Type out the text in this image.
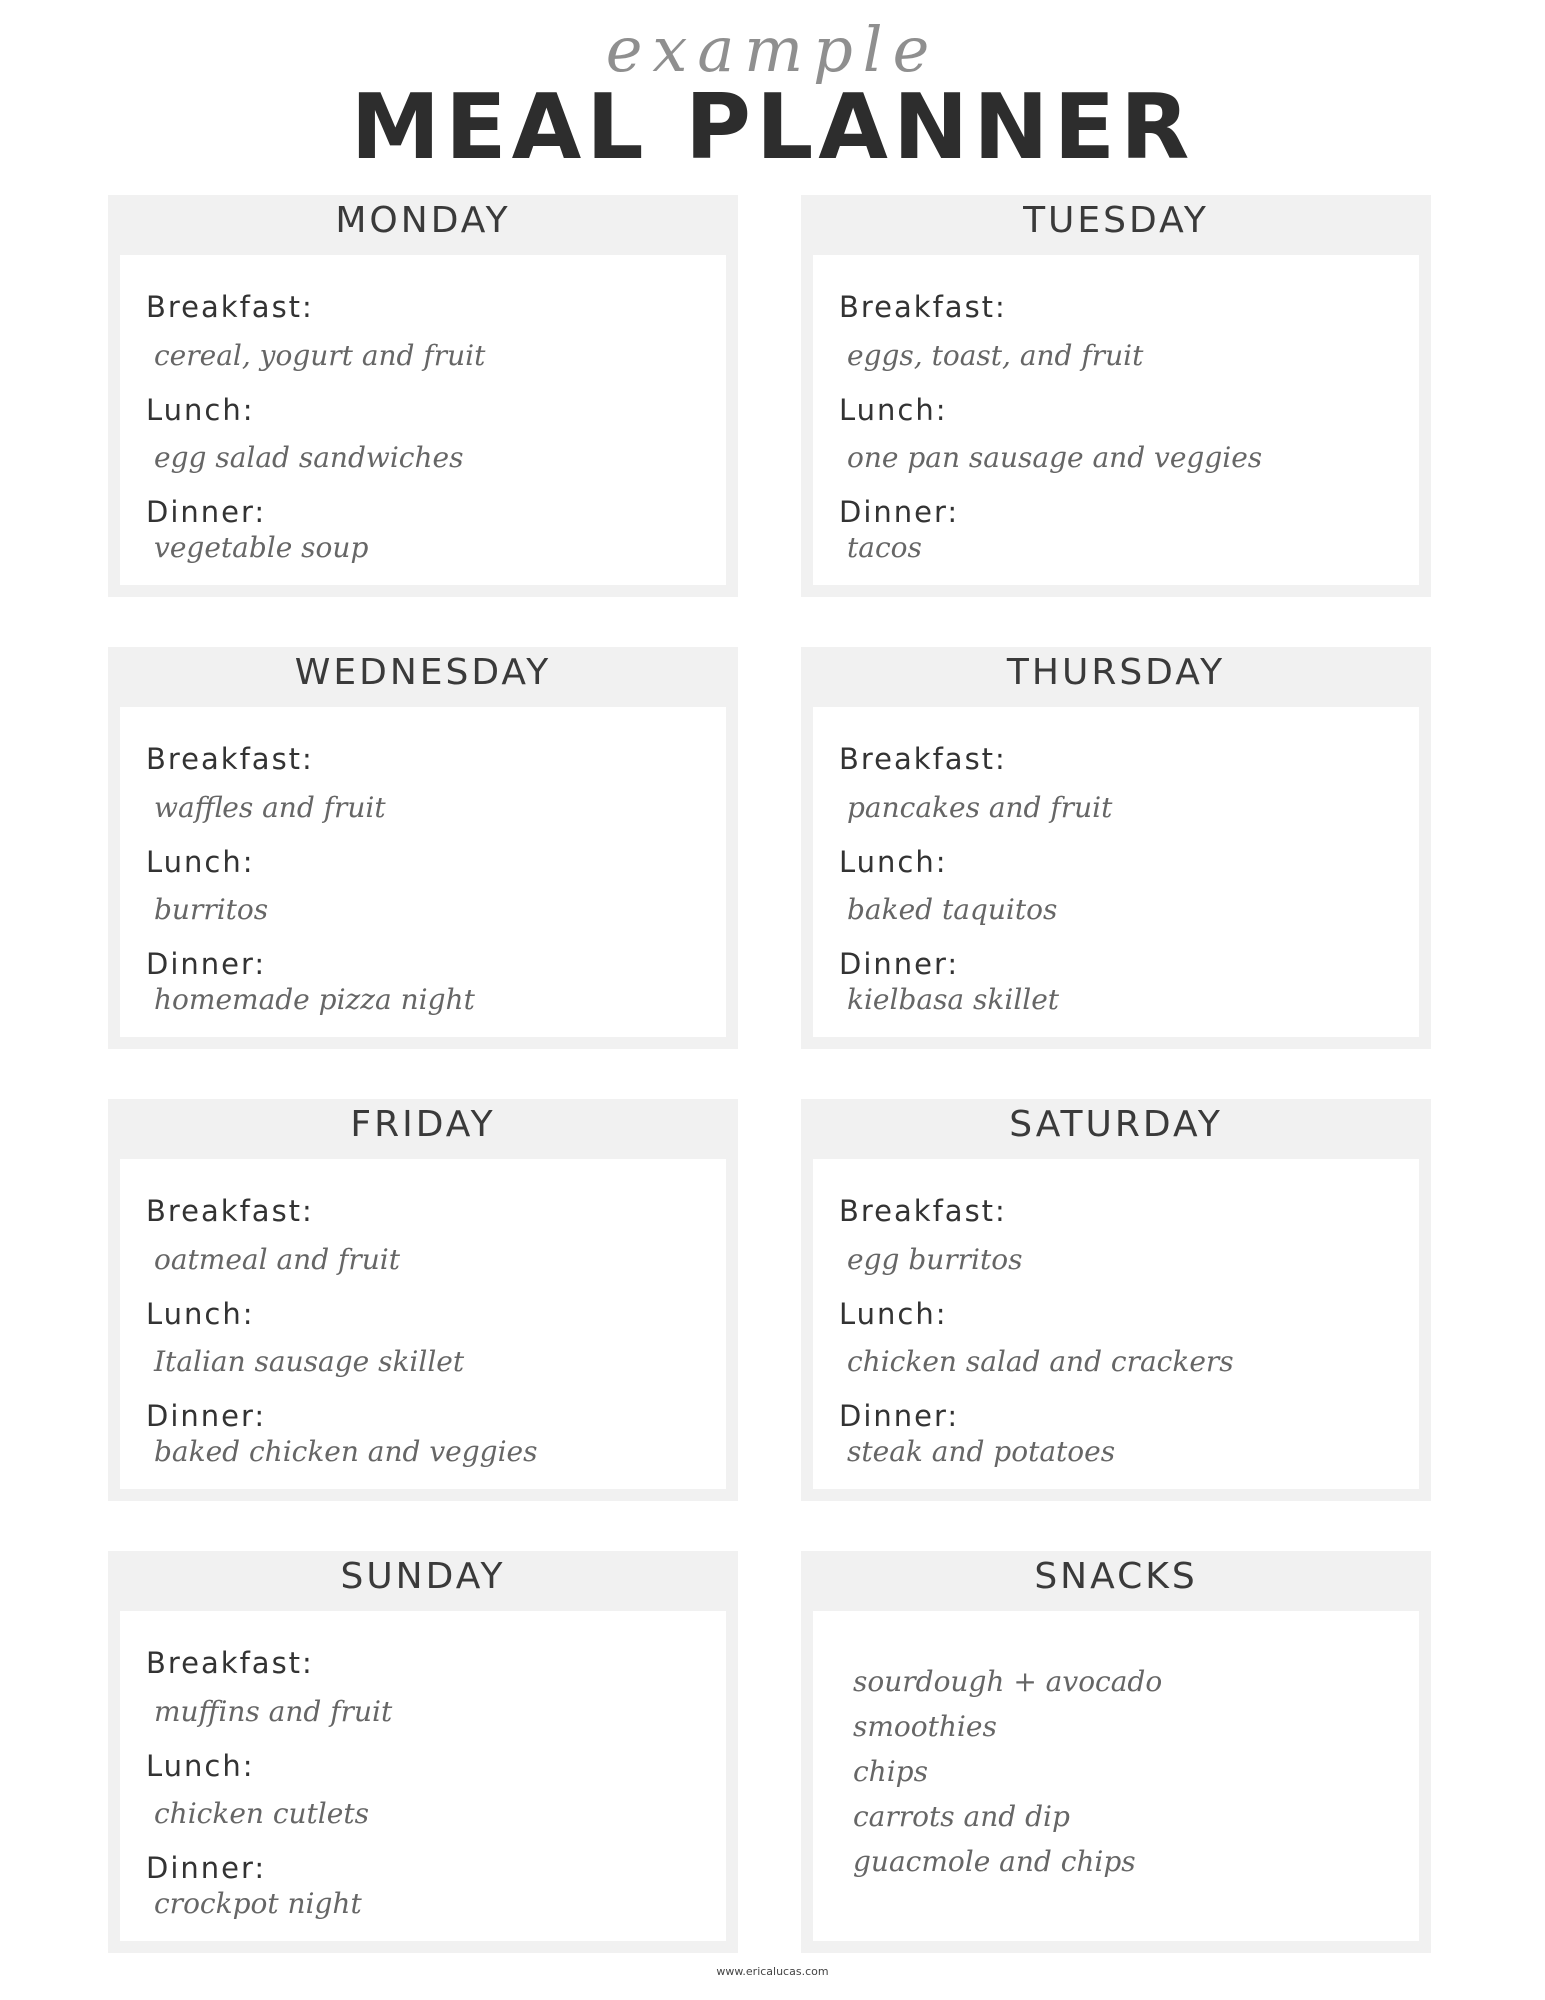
example
MEAL PLANNER
MONDAY
Breakfast:
cereal, yogurt and fruit
Lunch:
egg salad sandwiches
Dinner:
vegetable soup
TUESDAY
Breakfast:
eggs, toast, and fruit
Lunch:
one pan sausage and veggies
Dinner:
tacos
WEDNESDAY
Breakfast:
waffles and fruit
Lunch:
burritos
Dinner:
homemade pizza night
THURSDAY
Breakfast:
pancakes and fruit
Lunch:
baked taquitos
Dinner:
kielbasa skillet
FRIDAY
Breakfast:
oatmeal and fruit
Lunch:
Italian sausage skillet
Dinner:
baked chicken and veggies
SATURDAY
Breakfast:
egg burritos
Lunch:
chicken salad and crackers
Dinner:
steak and potatoes
SUNDAY
Breakfast:
muffins and fruit
Lunch:
chicken cutlets
Dinner:
crockpot night
SNACKS
sourdough + avocado
smoothies
chips
carrots and dip
guacmole and chips
www.ericalucas.com
